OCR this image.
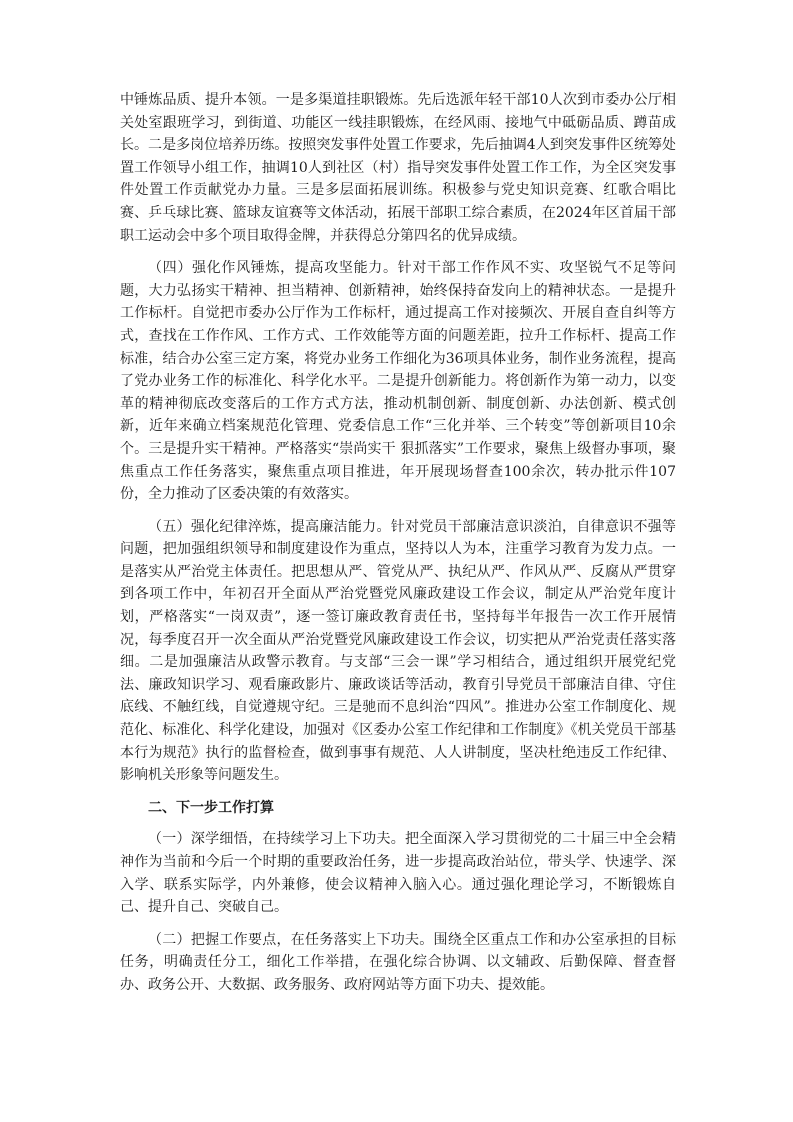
中锤炼品质、提升本领。一是多渠道挂职锻炼。先后选派年轻干部10人次到市委办公厅相关处室跟班学习，到街道、功能区一线挂职锻炼，在经风雨、接地气中砥砺品质、蹲苗成长。二是多岗位培养历练。按照突发事件处置工作要求，先后抽调4人到突发事件区统筹处置工作领导小组工作，抽调10人到社区（村）指导突发事件处置工作工作，为全区突发事件处置工作贡献党办力量。三是多层面拓展训练。积极参与党史知识竞赛、红歌合唱比赛、乒乓球比赛、篮球友谊赛等文体活动，拓展干部职工综合素质，在2024年区首届干部职工运动会中多个项目取得金牌，并获得总分第四名的优异成绩。

（四）强化作风锤炼，提高攻坚能力。针对干部工作作风不实、攻坚锐气不足等问题，大力弘扬实干精神、担当精神、创新精神，始终保持奋发向上的精神状态。一是提升工作标杆。自觉把市委办公厅作为工作标杆，通过提高工作对接频次、开展自查自纠等方式，查找在工作作风、工作方式、工作效能等方面的问题差距，拉升工作标杆、提高工作标准，结合办公室三定方案，将党办业务工作细化为36项具体业务，制作业务流程，提高了党办业务工作的标准化、科学化水平。二是提升创新能力。将创新作为第一动力，以变革的精神彻底改变落后的工作方式方法，推动机制创新、制度创新、办法创新、模式创新，近年来确立档案规范化管理、党委信息工作“三化并举、三个转变”等创新项目10余个。三是提升实干精神。严格落实“崇尚实干 狠抓落实”工作要求，聚焦上级督办事项，聚焦重点工作任务落实，聚焦重点项目推进，年开展现场督查100余次，转办批示件107份，全力推动了区委决策的有效落实。

（五）强化纪律淬炼，提高廉洁能力。针对党员干部廉洁意识淡泊，自律意识不强等问题，把加强组织领导和制度建设作为重点，坚持以人为本，注重学习教育为发力点。一是落实从严治党主体责任。把思想从严、管党从严、执纪从严、作风从严、反腐从严贯穿到各项工作中，年初召开全面从严治党暨党风廉政建设工作会议，制定从严治党年度计划，严格落实“一岗双责”，逐一签订廉政教育责任书，坚持每半年报告一次工作开展情况，每季度召开一次全面从严治党暨党风廉政建设工作会议，切实把从严治党责任落实落细。二是加强廉洁从政警示教育。与支部“三会一课”学习相结合，通过组织开展党纪党法、廉政知识学习、观看廉政影片、廉政谈话等活动，教育引导党员干部廉洁自律、守住底线、不触红线，自觉遵规守纪。三是驰而不息纠治“四风”。推进办公室工作制度化、规范化、标准化、科学化建设，加强对《区委办公室工作纪律和工作制度》《机关党员干部基本行为规范》执行的监督检查，做到事事有规范、人人讲制度，坚决杜绝违反工作纪律、影响机关形象等问题发生。

二、下一步工作打算

（一）深学细悟，在持续学习上下功夫。把全面深入学习贯彻党的二十届三中全会精神作为当前和今后一个时期的重要政治任务，进一步提高政治站位，带头学、快速学、深入学、联系实际学，内外兼修，使会议精神入脑入心。通过强化理论学习，不断锻炼自己、提升自己、突破自己。

（二）把握工作要点，在任务落实上下功夫。围绕全区重点工作和办公室承担的目标任务，明确责任分工，细化工作举措，在强化综合协调、以文辅政、后勤保障、督查督办、政务公开、大数据、政务服务、政府网站等方面下功夫、提效能。
